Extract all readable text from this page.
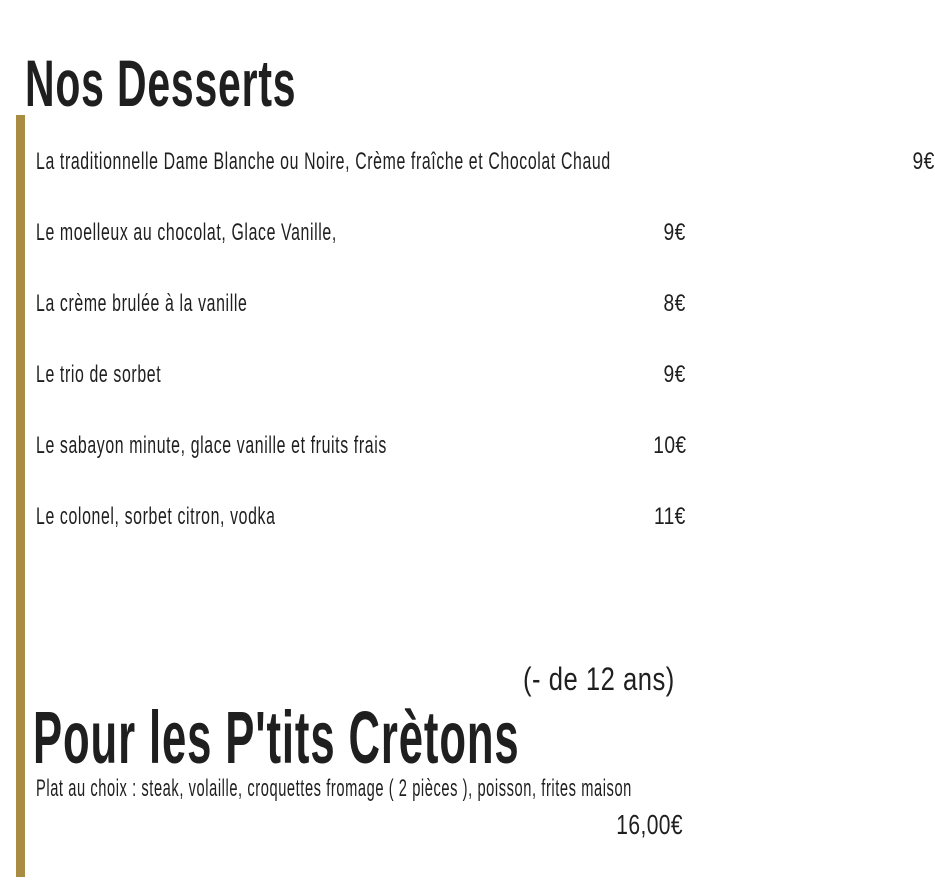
Nos Desserts
La traditionnelle Dame Blanche ou Noire, Crème fraîche et Chocolat Chaud	9€
Le moelleux au chocolat, Glace Vanille,	9€
La crème brulée à la vanille	8€
Le trio de sorbet	9€
Le sabayon minute, glace vanille et fruits frais	10€
Le colonel, sorbet citron, vodka	11€
Pour les P'tits Crètons
(- de 12 ans)
Plat au choix : steak, volaille, croquettes fromage ( 2 pièces ), poisson, frites maison
16,00€
